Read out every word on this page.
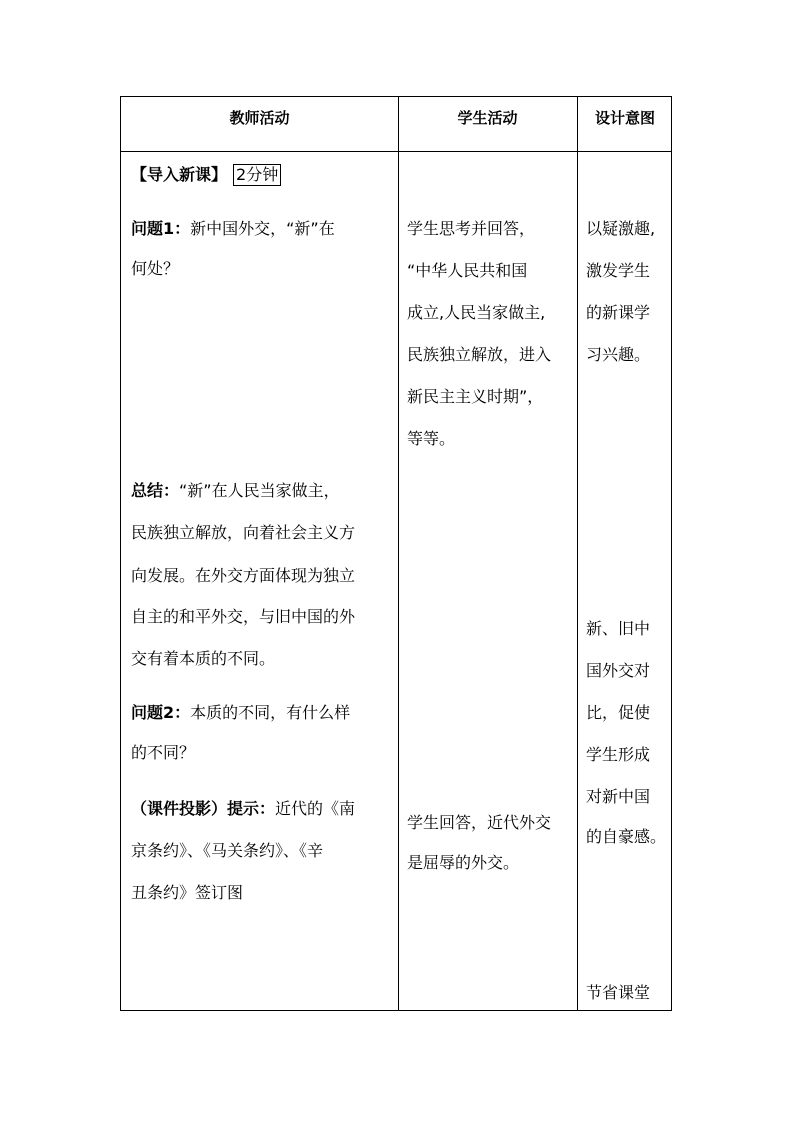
教师活动	学生活动	设计意图
【导入新课】 2分钟
问题1：新中国外交，“新”在
何处？
总结：“新”在人民当家做主，
民族独立解放，向着社会主义方
向发展。在外交方面体现为独立
自主的和平外交，与旧中国的外
交有着本质的不同。
问题2：本质的不同，有什么样
的不同？
（课件投影）提示：近代的《南
京条约》、《马关条约》、《辛
丑条约》签订图
学生思考并回答，
“中华人民共和国
成立,人民当家做主,
民族独立解放，进入
新民主主义时期”，
等等。
学生回答，近代外交
是屈辱的外交。
以疑激趣,
激发学生
的新课学
习兴趣。
新、旧中
国外交对
比，促使
学生形成
对新中国
的自豪感。
节省课堂
